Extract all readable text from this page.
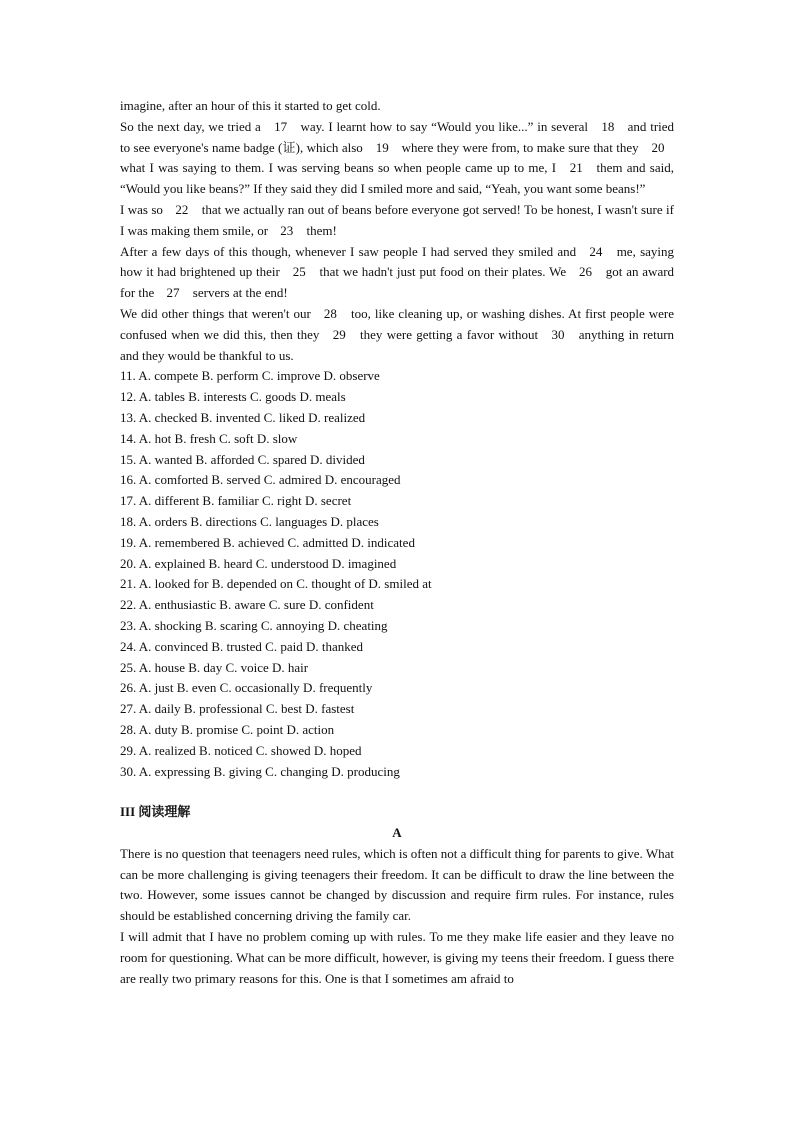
imagine, after an hour of this it started to get cold.

So the next day, we tried a 17 way. I learnt how to say “Would you like...” in several 18 and tried to see everyone's name badge (证), which also 19 where they were from, to make sure that they 20 what I was saying to them. I was serving beans so when people came up to me, I 21 them and said, “Would you like beans?” If they said they did I smiled more and said, “Yeah, you want some beans!”

I was so 22 that we actually ran out of beans before everyone got served! To be honest, I wasn't sure if I was making them smile, or 23 them!

After a few days of this though, whenever I saw people I had served they smiled and 24 me, saying how it had brightened up their 25 that we hadn't just put food on their plates. We 26 got an award for the 27 servers at the end!

We did other things that weren't our 28 too, like cleaning up, or washing dishes. At first people were confused when we did this, then they 29 they were getting a favor without 30 anything in return and they would be thankful to us.

11. A. compete B. perform C. improve D. observe

12. A. tables B. interests C. goods D. meals

13. A. checked B. invented C. liked D. realized

14. A. hot B. fresh C. soft D. slow

15. A. wanted B. afforded C. spared D. divided

16. A. comforted B. served C. admired D. encouraged

17. A. different B. familiar C. right D. secret

18. A. orders B. directions C. languages D. places

19. A. remembered B. achieved C. admitted D. indicated

20. A. explained B. heard C. understood D. imagined

21. A. looked for B. depended on C. thought of D. smiled at

22. A. enthusiastic B. aware C. sure D. confident

23. A. shocking B. scaring C. annoying D. cheating

24. A. convinced B. trusted C. paid D. thanked

25. A. house B. day C. voice D. hair

26. A. just B. even C. occasionally D. frequently

27. A. daily B. professional C. best D. fastest

28. A. duty B. promise C. point D. action

29. A. realized B. noticed C. showed D. hoped

30. A. expressing B. giving C. changing D. producing

III 阅读理解

A

There is no question that teenagers need rules, which is often not a difficult thing for parents to give. What can be more challenging is giving teenagers their freedom. It can be difficult to draw the line between the two. However, some issues cannot be changed by discussion and require firm rules. For instance, rules should be established concerning driving the family car.

I will admit that I have no problem coming up with rules. To me they make life easier and they leave no room for questioning. What can be more difficult, however, is giving my teens their freedom. I guess there are really two primary reasons for this. One is that I sometimes am afraid to
